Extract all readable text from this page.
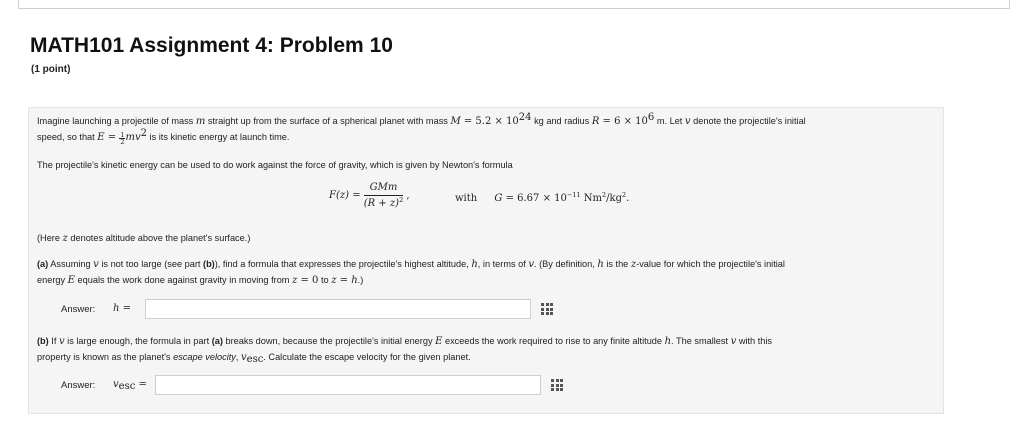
MATH101 Assignment 4: Problem 10
(1 point)
Imagine launching a projectile of mass m straight up from the surface of a spherical planet with mass $M = 5.2 \times 10^{24}$ kg and radius $R = 6 \times 10^6$ m. Let v denote the projectile's initial
speed, so that $E = \frac{1}{2} mv^2$ is its kinetic energy at launch time.
The projectile's kinetic energy can be used to do work against the force of gravity, which is given by Newton's formula
$F(z) = \frac{\text{GMm}}{(R + z)^2}$ ,	with $G = 6.67 \times 10^{-11}$ $Nm^2/kg^2$.
(Here z denotes altitude above the planet's surface.)
(a) Assuming v is not too large (see part (b)), find a formula that expresses the projectile's highest altitude, h, in terms of v. (By definition, h is the z-value for which the projectile's initial
energy E equals the work done against gravity in moving from z = 0 to z = h.)
(b) If v is large enough, the formula in part (a) breaks down, because the projectile's initial energy E exceeds the work required to rise to any finite altitude h. The smallest v with this
property is known as the planet's escape velocity, $v_{esc}$. Calculate the escape velocity for the given planet.
Answer: h =
Answer: $v_{esc}$ =
